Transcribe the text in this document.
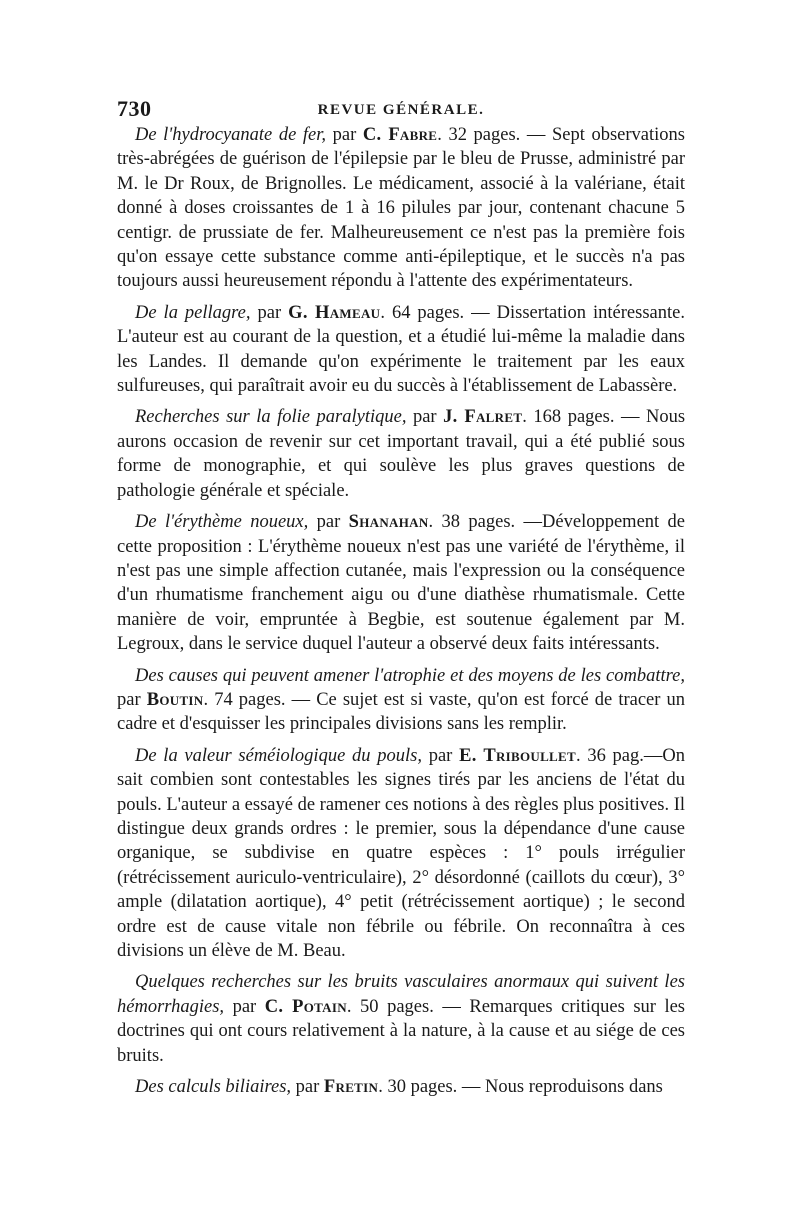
730	REVUE GÉNÉRALE.

De l'hydrocyanate de fer, par C. Fabre. 32 pages. — Sept observations très-abrégées de guérison de l'épilepsie par le bleu de Prusse, administré par M. le Dr Roux, de Brignolles. Le médicament, associé à la valériane, était donné à doses croissantes de 1 à 16 pilules par jour, contenant chacune 5 centigr. de prussiate de fer. Malheureusement ce n'est pas la première fois qu'on essaye cette substance comme anti-épileptique, et le succès n'a pas toujours aussi heureusement répondu à l'attente des expérimentateurs.

De la pellagre, par G. Hameau. 64 pages. — Dissertation intéressante. L'auteur est au courant de la question, et a étudié lui-même la maladie dans les Landes. Il demande qu'on expérimente le traitement par les eaux sulfureuses, qui paraîtrait avoir eu du succès à l'établissement de Labassère.

Recherches sur la folie paralytique, par J. Falret. 168 pages. — Nous aurons occasion de revenir sur cet important travail, qui a été publié sous forme de monographie, et qui soulève les plus graves questions de pathologie générale et spéciale.

De l'érythème noueux, par Shanahan. 38 pages. —Développement de cette proposition : L'érythème noueux n'est pas une variété de l'érythème, il n'est pas une simple affection cutanée, mais l'expression ou la conséquence d'un rhumatisme franchement aigu ou d'une diathèse rhumatismale. Cette manière de voir, empruntée à Begbie, est soutenue également par M. Legroux, dans le service duquel l'auteur a observé deux faits intéressants.

Des causes qui peuvent amener l'atrophie et des moyens de les combattre, par Boutin. 74 pages. — Ce sujet est si vaste, qu'on est forcé de tracer un cadre et d'esquisser les principales divisions sans les remplir.

De la valeur séméiologique du pouls, par E. Triboullet. 36 pag.—On sait combien sont contestables les signes tirés par les anciens de l'état du pouls. L'auteur a essayé de ramener ces notions à des règles plus positives. Il distingue deux grands ordres : le premier, sous la dépendance d'une cause organique, se subdivise en quatre espèces : 1° pouls irrégulier (rétrécissement auriculo-ventriculaire), 2° désordonné (caillots du cœur), 3° ample (dilatation aortique), 4° petit (rétrécissement aortique) ; le second ordre est de cause vitale non fébrile ou fébrile. On reconnaîtra à ces divisions un élève de M. Beau.

Quelques recherches sur les bruits vasculaires anormaux qui suivent les hémorrhagies, par C. Potain. 50 pages. — Remarques critiques sur les doctrines qui ont cours relativement à la nature, à la cause et au siége de ces bruits.

Des calculs biliaires, par Fretin. 30 pages. — Nous reproduisons dans
